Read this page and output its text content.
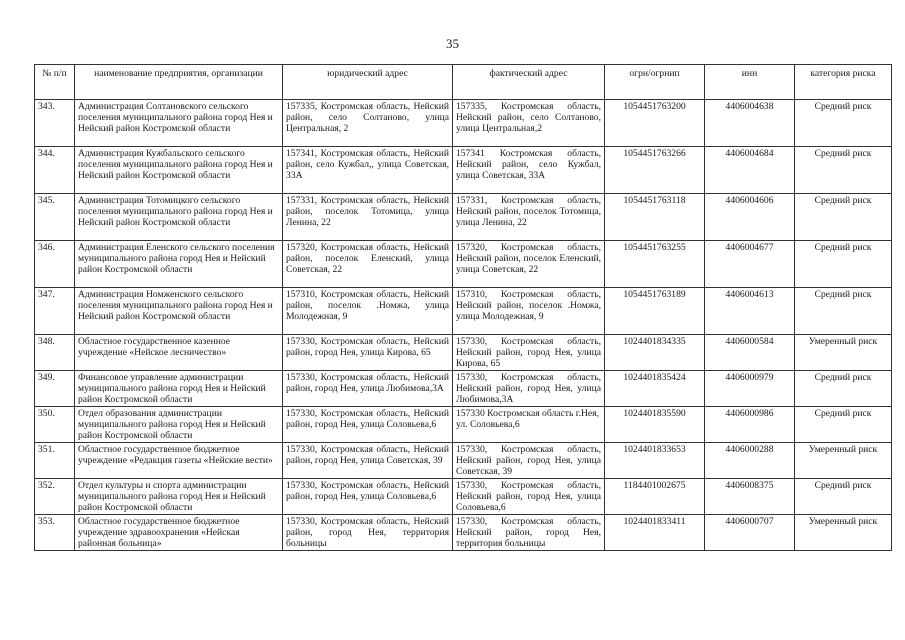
35
№ п/п	наименование предприятия, организации	юридический адрес	фактический адрес	огрн/огрнип	инн	категория риска
343.	Администрация Солтановского сельского поселения муниципального района город Нея и Нейский район Костромской области	157335, Костромская область, Нейский район, село Солтаново, улица Центральная, 2	157335, Костромская область, Нейский район, село Солтаново, улица Центральная,2	1054451763200	4406004638	Средний риск
344.	Администрация Кужбальского сельского поселения муниципального района город Нея и Нейский район Костромской области	157341, Костромская область, Нейский район, село Кужбал,, улица Советская, 33А	157341 Костромская область, Нейский район, село Кужбал, улица Советская, 33А	1054451763266	4406004684	Средний риск
345.	Администрация Тотомицкого сельского поселения муниципального района город Нея и Нейский район Костромской области	157331, Костромская область, Нейский район, поселок Тотомица, улица Ленина, 22	157331, Костромская область, Нейский район, поселок Тотомица, улица Ленина, 22	1054451763118	4406004606	Средний риск
346.	Администрация Еленского сельского поселения муниципального района город Нея и Нейский район Костромской области	157320, Костромская область, Нейский район, поселок Еленский, улица Советская, 22	157320, Костромская область, Нейский район, поселок Еленский, улица Советская, 22	1054451763255	4406004677	Средний риск
347.	Администрация Номженского сельского поселения муниципального района город Нея и Нейский район Костромской области	157310, Костромская область, Нейский район, поселок .Номжа, улица Молодежная, 9	157310, Костромская область, Нейский район, поселок .Номжа, улица Молодежная, 9	1054451763189	4406004613	Средний риск
348.	Областное государственное казенное учреждение «Нейское лесничество»	157330, Костромская область, Нейский район, город Нея, улица Кирова, 65	157330, Костромская область, Нейский район, город Нея, улица Кирова, 65	1024401834335	4406000584	Умеренный риск
349.	Финансовое управление администрации муниципального района город Нея и Нейский район Костромской области	157330, Костромская область, Нейский район, город Нея, улица Любимова,3А	157330, Костромская область, Нейский район, город Нея, улица Любимова,3А	1024401835424	4406000979	Средний риск
350.	Отдел образования администрации муниципального района город Нея и Нейский район Костромской области	157330, Костромская область, Нейский район, город Нея, улица Соловьева,6	157330 Костромская область г.Нея, ул. Соловьева,6	1024401835590	4406000986	Средний риск
351.	Областное государственное бюджетное учреждение «Редакция газеты «Нейские вести»	157330, Костромская область, Нейский район, город Нея, улица Советская, 39	157330, Костромская область, Нейский район, город Нея, улица Советская, 39	1024401833653	4406000288	Умеренный риск
352.	Отдел культуры и спорта администрации муниципального района город Нея и Нейский район Костромской области	157330, Костромская область, Нейский район, город Нея, улица Соловьева,6	157330, Костромская область, Нейский район, город Нея, улица Соловьева,6	1184401002675	4406008375	Средний риск
353.	Областное государственное бюджетное учреждение здравоохранения «Нейская районная больница»	157330, Костромская область, Нейский район, город Нея, территория больницы	157330, Костромская область, Нейский район, город Нея, территория больницы	1024401833411	4406000707	Умеренный риск
